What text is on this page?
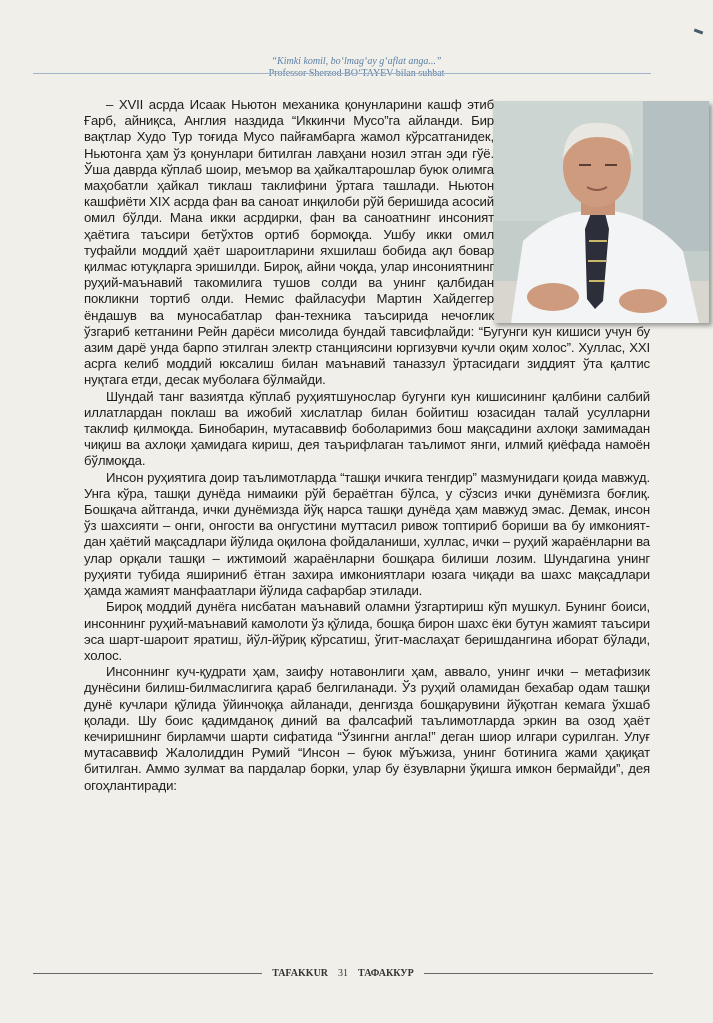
“Kimki komil, bo‘lmag‘ay g‘aflat anga...”
Professor Sherzod BO‘TAYEV bilan suhbat

– XVII асрда Исаак Ньютон механика қонунларини кашф этиб Ғарб, айниқса, Англия наздида “Иккинчи Мусо”га айланди. Бир вақтлар Худо Тур тоғида Мусо пайғамбарга жамол кўрсатганидек, Ньютонга ҳам ўз қонунлари битилган лавҳани нозил этган эди гўё. Ўша даврда кўплаб шоир, меъмор ва ҳайкалтарошлар буюк олимга маҳобатли ҳайкал тиклаш таклифини ўртага ташлади. Ньютон кашфиёти XIX асрда фан ва саноат инқилоби рўй беришида асосий омил бўлди. Мана икки асрдирки, фан ва саноатнинг инсоният ҳаётига таъсири бетўхтов ортиб бормоқда. Ушбу икки омил туфайли моддий ҳаёт шароитларини яхшилаш бобида ақл бовар қилмас ютуқларга эришилди. Бироқ, айни чоқда, улар инсониятнинг руҳий-маънавий такомилига тушов солди ва унинг қалбидан покликни тортиб олди. Немис файласуфи Мартин Хайдеггер ёндашув ва муносабатлар фан-техника таъсирида нечоғлик ўзгариб кетганини Рейн дарёси мисолида бундай тавсифлайди: “Бугунги кун кишиси учун бу азим дарё унда барпо этилган электр станциясини юргизувчи кучли оқим холос”. Хуллас, XXI асрга келиб моддий юксалиш билан маънавий таназзул ўртасидаги зиддият ўта қалтис нуқтага етди, десак муболаға бўлмайди.

Шундай танг вазиятда кўплаб руҳиятшунослар бугунги кун кишисининг қалбини салбий иллатлардан поклаш ва ижобий хислатлар билан бойитиш юзасидан талай усулларни таклиф қилмоқда. Бинобарин, мутасаввиф боболаримиз бош мақсадини ахлоқи замимадан чиқиш ва ахлоқи ҳамидага кириш, дея таърифлаган таълимот янги, илмий қиёфада намоён бўлмоқда.

Инсон руҳиятига доир таълимотларда “ташқи ичкига тенгдир” мазмунидаги қоида мавжуд. Унга кўра, ташқи дунёда нимаики рўй бераётган бўлса, у сўзсиз ички дунёмизга боғлиқ. Бошқача айтганда, ички дунёмизда йўқ нарса ташқи дунёда ҳам мавжуд эмас. Демак, инсон ўз шахсияти – онги, онгости ва онгустини муттасил ривож топтириб бориши ва бу имкониятдан ҳаётий мақсадлари йўлида оқилона фойдаланиши, хуллас, ички – руҳий жараёнларни ва улар орқали ташқи – ижтимоий жараёнларни бошқара билиши лозим. Шундагина унинг руҳияти тубида яшириниб ётган захира имкониятлари юзага чиқади ва шахс мақсадлари ҳамда жамият манфаатлари йўлида сафарбар этилади.

Бироқ моддий дунёга нисбатан маънавий оламни ўзгартириш кўп мушкул. Бунинг боиси, инсоннинг руҳий-маънавий камолоти ўз қўлида, бошқа бирон шахс ёки бутун жамият таъсири эса шарт-шароит яратиш, йўл-йўриқ кўрсатиш, ўгит-маслаҳат беришдангина иборат бўлади, холос.

Инсоннинг куч-қудрати ҳам, заифу нотавонлиги ҳам, аввало, унинг ички – метафизик дунёсини билиш-билмаслигига қараб белгиланади. Ўз руҳий оламидан бехабар одам ташқи дунё кучлари қўлида ўйинчоққа айланади, денгизда бошқарувини йўқотган кемага ўхшаб қолади. Шу боис қадимданоқ диний ва фалсафий таълимотларда эркин ва озод ҳаёт кечиришнинг бирламчи шарти сифатида “Ўзингни англа!” деган шиор илгари сурилган. Улуғ мутасаввиф Жалолиддин Румий “Инсон – буюк мўъжиза, унинг ботинига жами ҳақиқат битилган. Аммо зулмат ва пардалар борки, улар бу ёзувларни ўқишга имкон бермайди”, дея огоҳлантиради:

TAFAKKUR 31 ТАФАККУР
